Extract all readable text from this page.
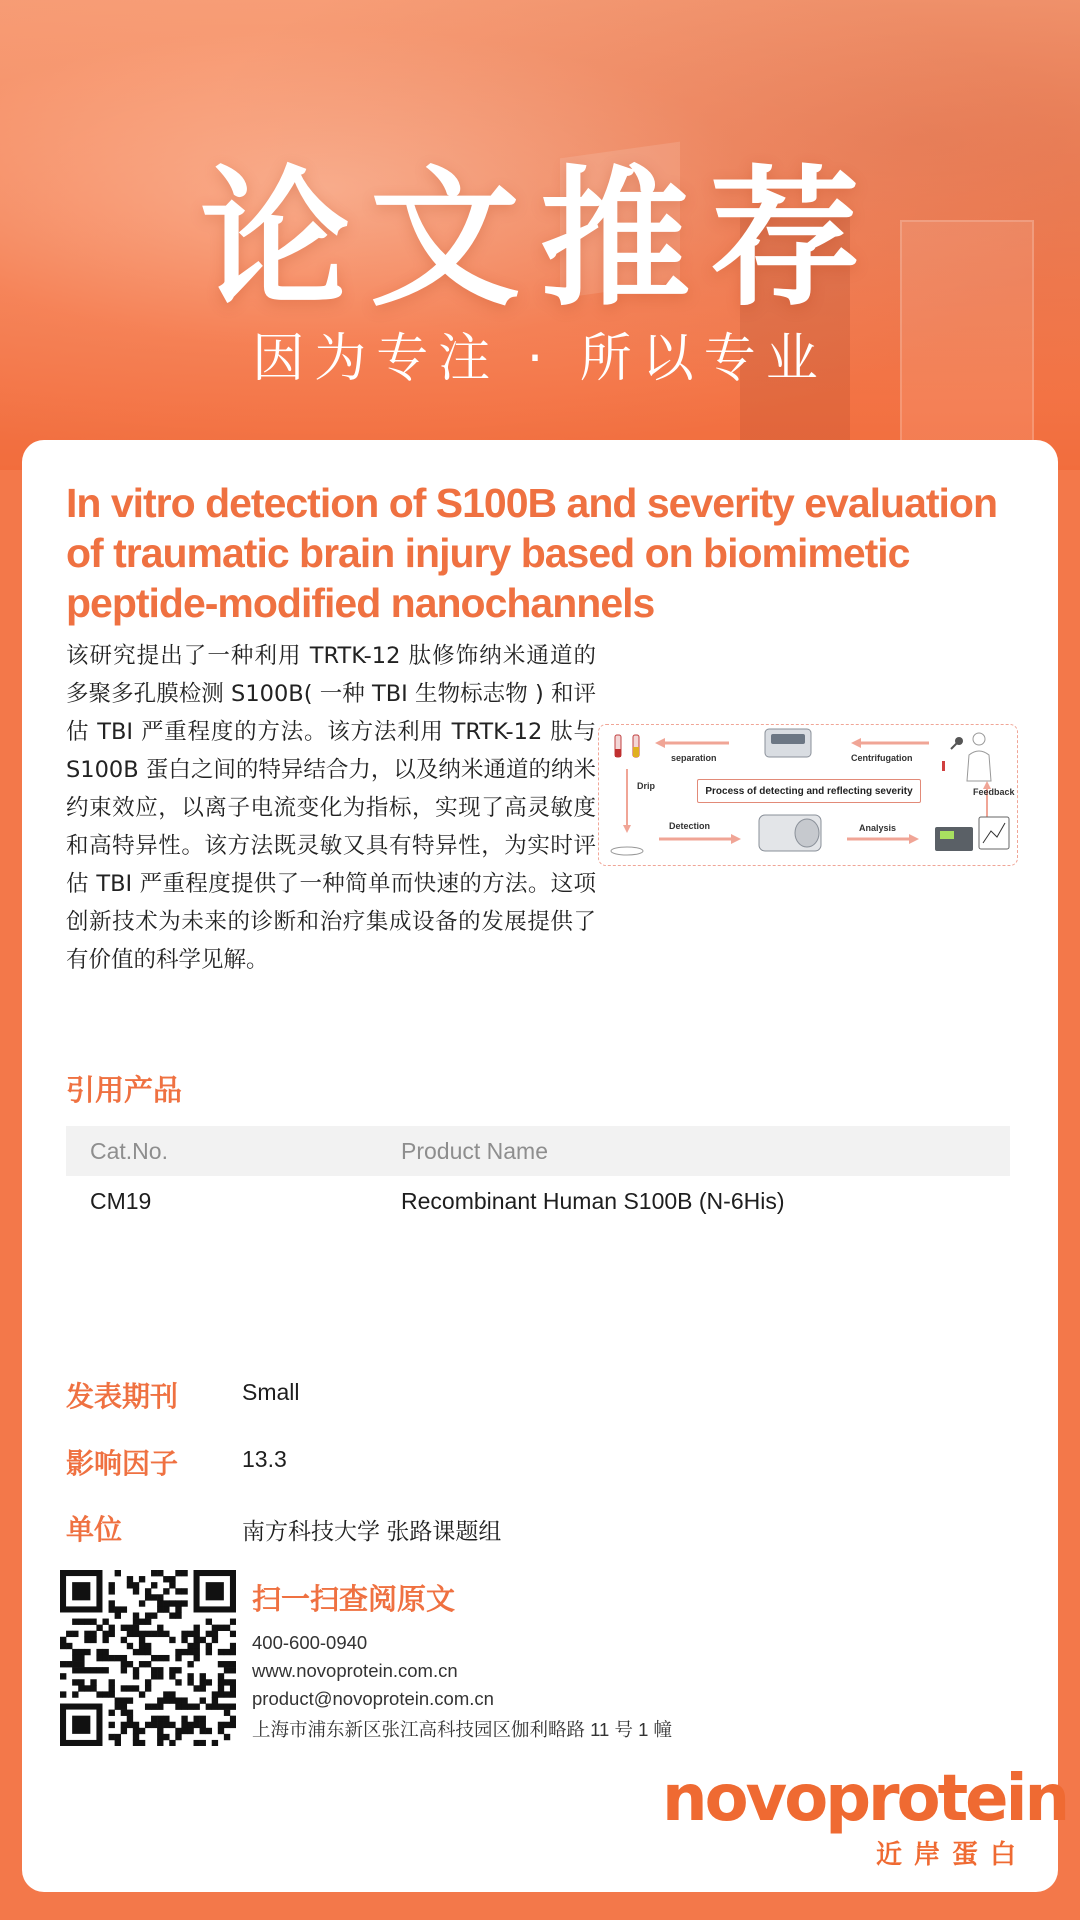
论文推荐
因为专注 · 所以专业
In vitro detection of S100B and severity evaluation of traumatic brain injury based on biomimetic peptide-modified nanochannels
该研究提出了一种利用 TRTK-12 肽修饰纳米通道的多聚多孔膜检测 S100B( 一种 TBI 生物标志物 ) 和评估 TBI 严重程度的方法。该方法利用 TRTK-12 肽与 S100B 蛋白之间的特异结合力，以及纳米通道的纳米约束效应，以离子电流变化为指标，实现了高灵敏度和高特异性。该方法既灵敏又具有特异性，为实时评估 TBI 严重程度提供了一种简单而快速的方法。这项创新技术为未来的诊断和治疗集成设备的发展提供了有价值的科学见解。
separation	Centrifugation
Drip
Feedback
Detection	Analysis
Process of detecting and reflecting severity
引用产品
Cat.No.	Product Name
CM19	Recombinant Human S100B (N-6His)
发表期刊	Small
影响因子	13.3
单位	南方科技大学 张路课题组
扫一扫查阅原文
400-600-0940
www.novoprotein.com.cn
product@novoprotein.com.cn
上海市浦东新区张江高科技园区伽利略路 11 号 1 幢
novoprotein
近岸蛋白
